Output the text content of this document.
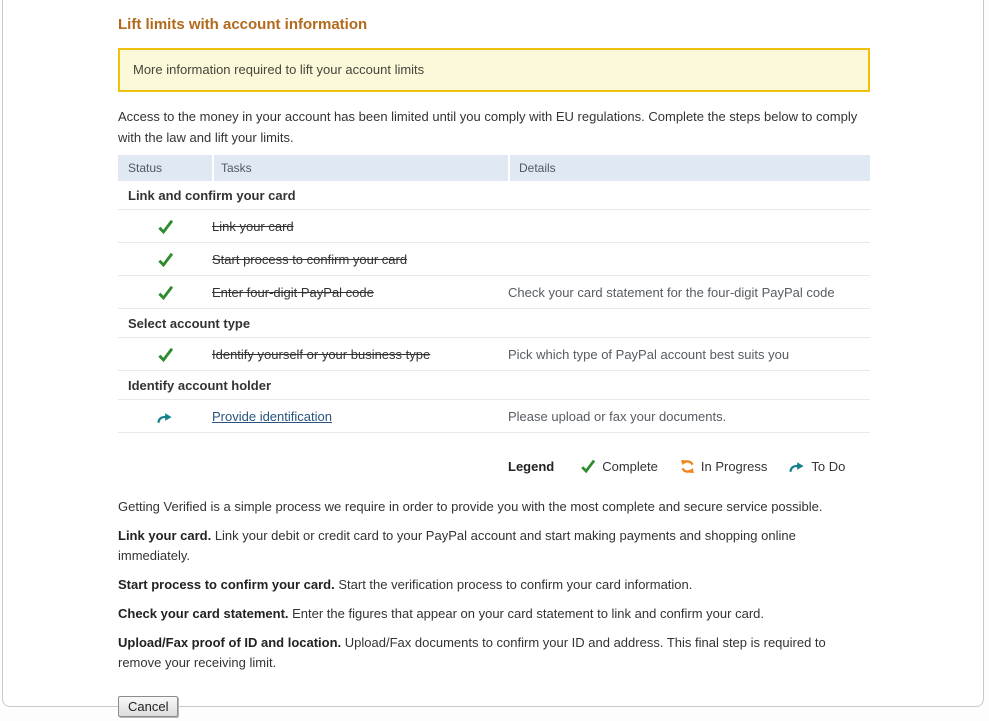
Lift limits with account information
More information required to lift your account limits
Access to the money in your account has been limited until you comply with EU regulations. Complete the steps below to comply with the law and lift your limits.
Status	Tasks	Details
Link and confirm your card		
	Link your card	
	Start process to confirm your card	
	Enter four-digit PayPal code	Check your card statement for the four-digit PayPal code
Select account type		
	Identify yourself or your business type	Pick which type of PayPal account best suits you
Identify account holder		
	Provide identification	Please upload or fax your documents.
Legend	Complete	In Progress	To Do

Getting Verified is a simple process we require in order to provide you with the most complete and secure service possible.

Link your card. Link your debit or credit card to your PayPal account and start making payments and shopping online immediately.

Start process to confirm your card. Start the verification process to confirm your card information.

Check your card statement. Enter the figures that appear on your card statement to link and confirm your card.

Upload/Fax proof of ID and location. Upload/Fax documents to confirm your ID and address. This final step is required to remove your receiving limit.

Cancel
